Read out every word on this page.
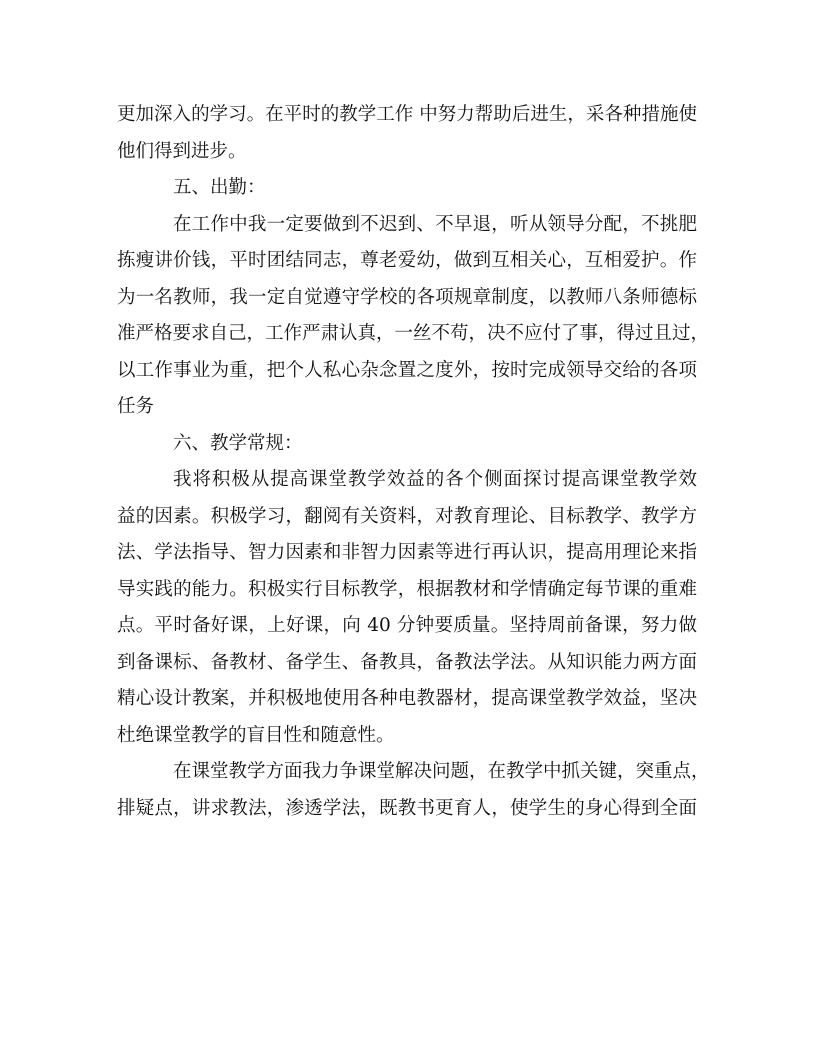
更加深入的学习。在平时的教学工作 中努力帮助后进生，采各种措施使
他们得到进步。
五、出勤：
在工作中我一定要做到不迟到、不早退，听从领导分配，不挑肥
拣瘦讲价钱，平时团结同志，尊老爱幼，做到互相关心，互相爱护。作
为一名教师，我一定自觉遵守学校的各项规章制度，以教师八条师德标
准严格要求自己，工作严肃认真，一丝不苟，决不应付了事，得过且过，
以工作事业为重，把个人私心杂念置之度外，按时完成领导交给的各项
任务
六、教学常规：
我将积极从提高课堂教学效益的各个侧面探讨提高课堂教学效
益的因素。积极学习，翻阅有关资料，对教育理论、目标教学、教学方
法、学法指导、智力因素和非智力因素等进行再认识，提高用理论来指
导实践的能力。积极实行目标教学，根据教材和学情确定每节课的重难
点。平时备好课，上好课，向 40 分钟要质量。坚持周前备课，努力做
到备课标、备教材、备学生、备教具，备教法学法。从知识能力两方面
精心设计教案，并积极地使用各种电教器材，提高课堂教学效益，坚决
杜绝课堂教学的盲目性和随意性。
在课堂教学方面我力争课堂解决问题，在教学中抓关键，突重点，
排疑点，讲求教法，渗透学法，既教书更育人，使学生的身心得到全面
